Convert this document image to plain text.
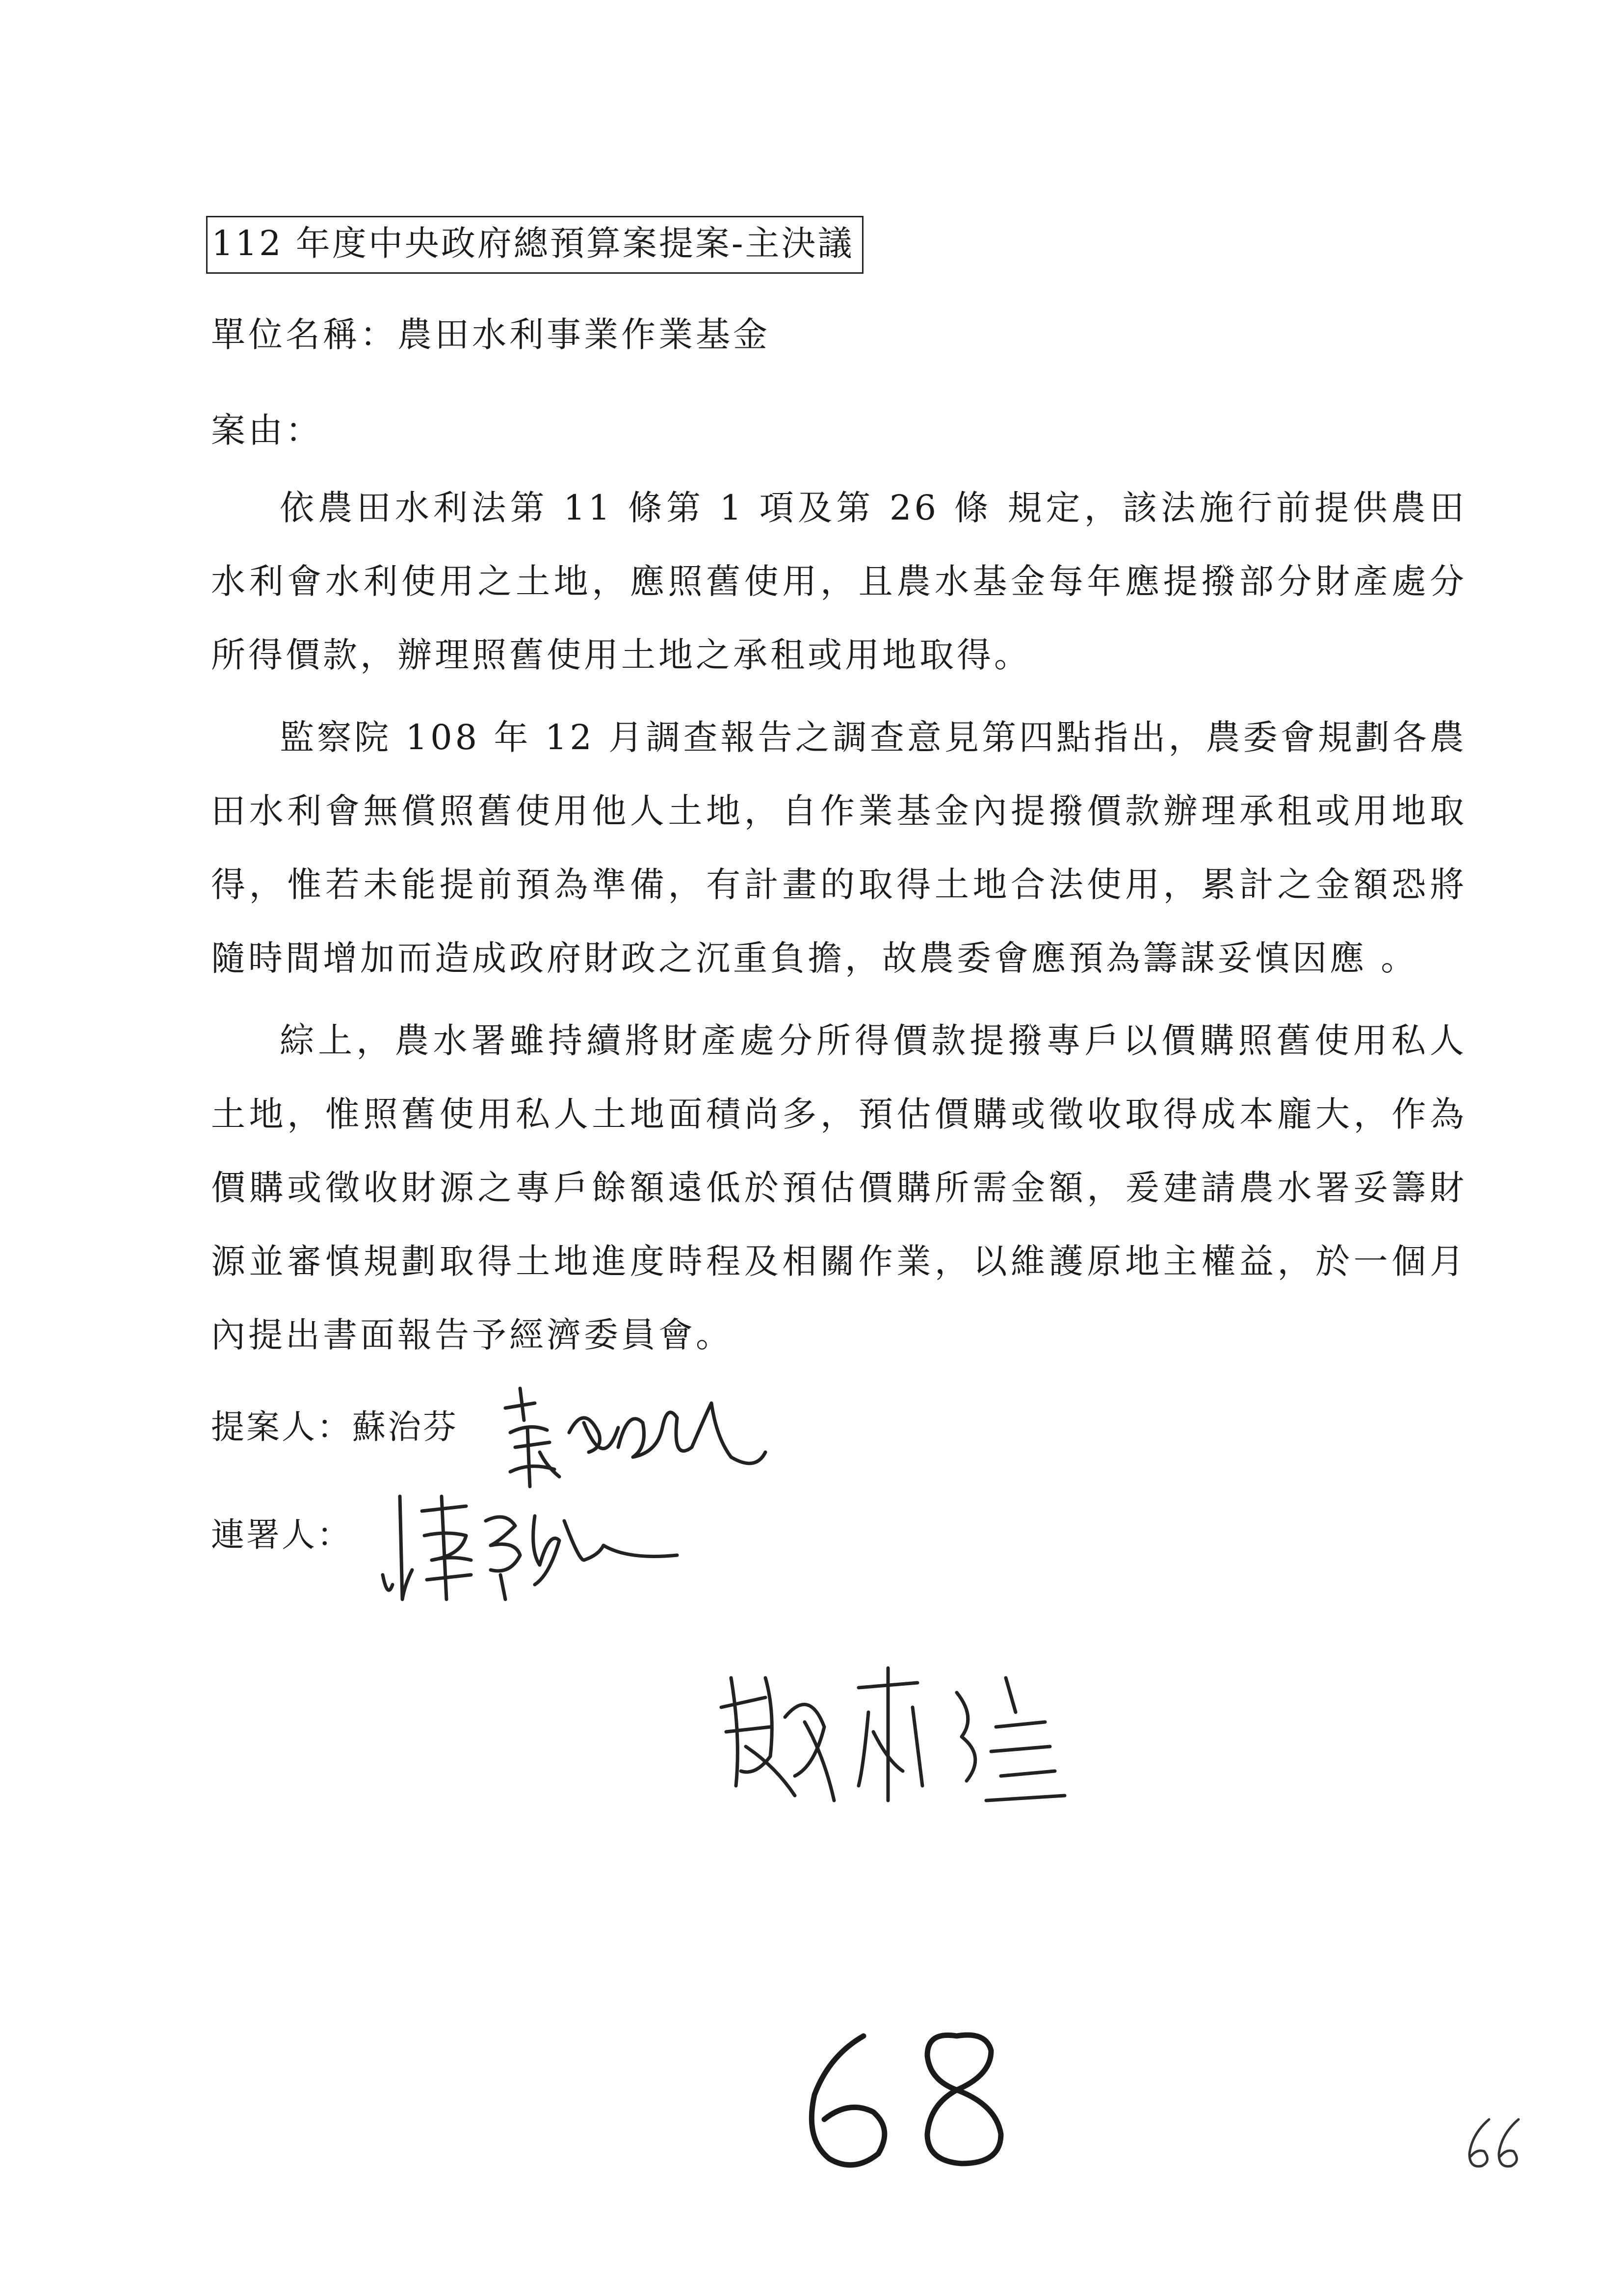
112 年度中央政府總預算案提案-主決議
單位名稱：農田水利事業作業基金
案由：

依農田水利法第 11 條第 1 項及第 26 條 規定，該法施行前提供農田水利會水利使用之土地，應照舊使用，且農水基金每年應提撥部分財產處分所得價款，辦理照舊使用土地之承租或用地取得。

監察院 108 年 12 月調查報告之調查意見第四點指出，農委會規劃各農田水利會無償照舊使用他人土地，自作業基金內提撥價款辦理承租或用地取得，惟若未能提前預為準備，有計畫的取得土地合法使用，累計之金額恐將隨時間增加而造成政府財政之沉重負擔，故農委會應預為籌謀妥慎因應 。

綜上，農水署雖持續將財產處分所得價款提撥專戶以價購照舊使用私人土地，惟照舊使用私人土地面積尚多，預估價購或徵收取得成本龐大，作為價購或徵收財源之專戶餘額遠低於預估價購所需金額，爰建請農水署妥籌財源並審慎規劃取得土地進度時程及相關作業，以維護原地主權益，於一個月內提出書面報告予經濟委員會。

提案人：蘇治芬
連署人：
